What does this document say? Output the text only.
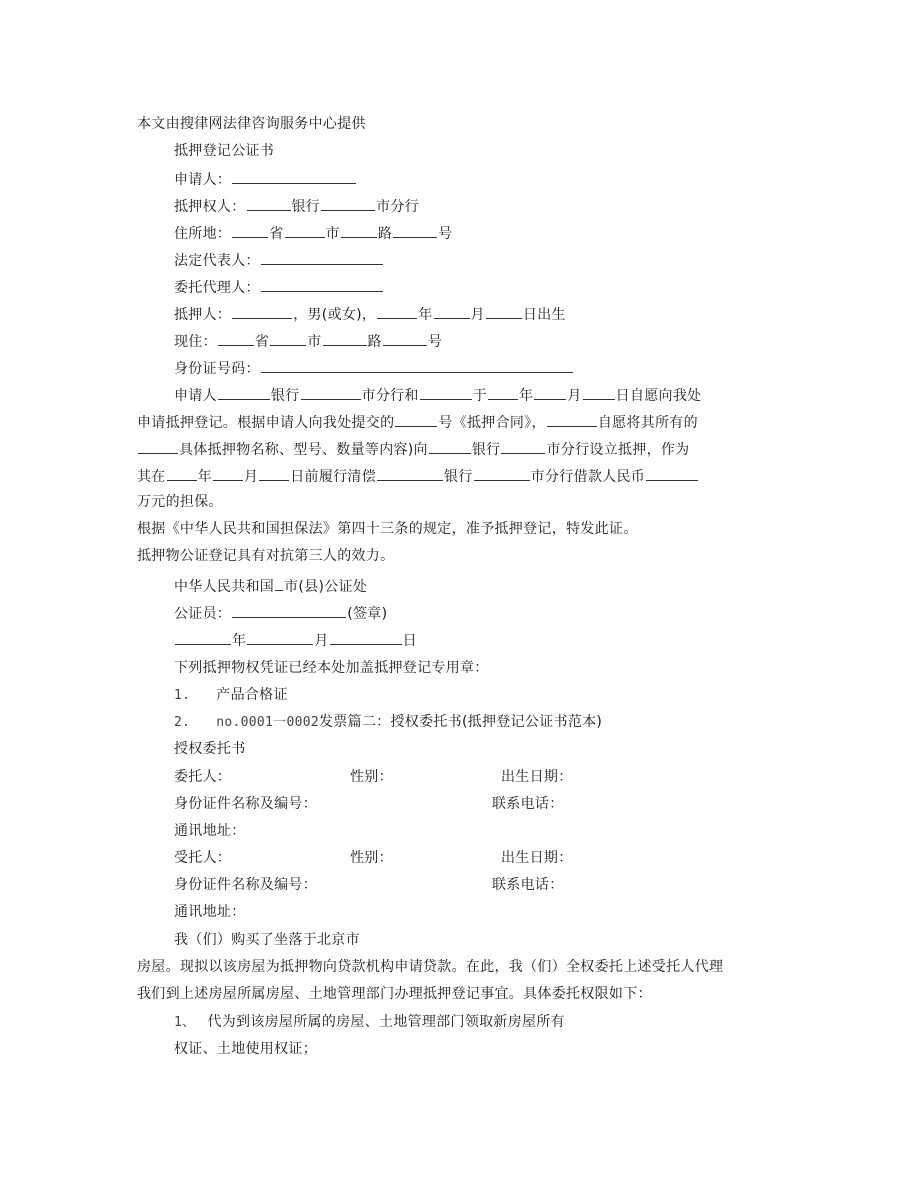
本文由搜律网法律咨询服务中心提供
抵押登记公证书
申请人：
抵押权人：	银行	市分行
住所地：	省	市	路	号
法定代表人：
委托代理人：
抵押人：	，男(或女)，	年	月	日出生
现住：	省	市	路	号
身份证号码：
申请人	银行	市分行和	于 年 月 日自愿向我处
申请抵押登记。根据申请人向我处提交的	号《抵押合同》，	自愿将其所有的
具体抵押物名称、型号、数量等内容)向	银行	市分行设立抵押，作为
其在 年 月 日前履行清偿	银行	市分行借款人民币
万元的担保。
根据《中华人民共和国担保法》第四十三条的规定，准予抵押登记，特发此证。
抵押物公证登记具有对抗第三人的效力。
中华人民共和国 市(县)公证处
公证员：	(签章)
年	月	日
下列抵押物权凭证已经本处加盖抵押登记专用章：
1. 产品合格证
2. no.0001一0002发票篇二：授权委托书(抵押登记公证书范本)
授权委托书
委托人：	性别：	出生日期：
身份证件名称及编号：	联系电话：
通讯地址：
受托人：	性别：	出生日期：
身份证件名称及编号：	联系电话：
通讯地址：
我（们）购买了坐落于北京市
房屋。现拟以该房屋为抵押物向贷款机构申请贷款。在此，我（们）全权委托上述受托人代理
我们到上述房屋所属房屋、土地管理部门办理抵押登记事宜。具体委托权限如下：
1、 代为到该房屋所属的房屋、土地管理部门领取新房屋所有
权证、土地使用权证；
